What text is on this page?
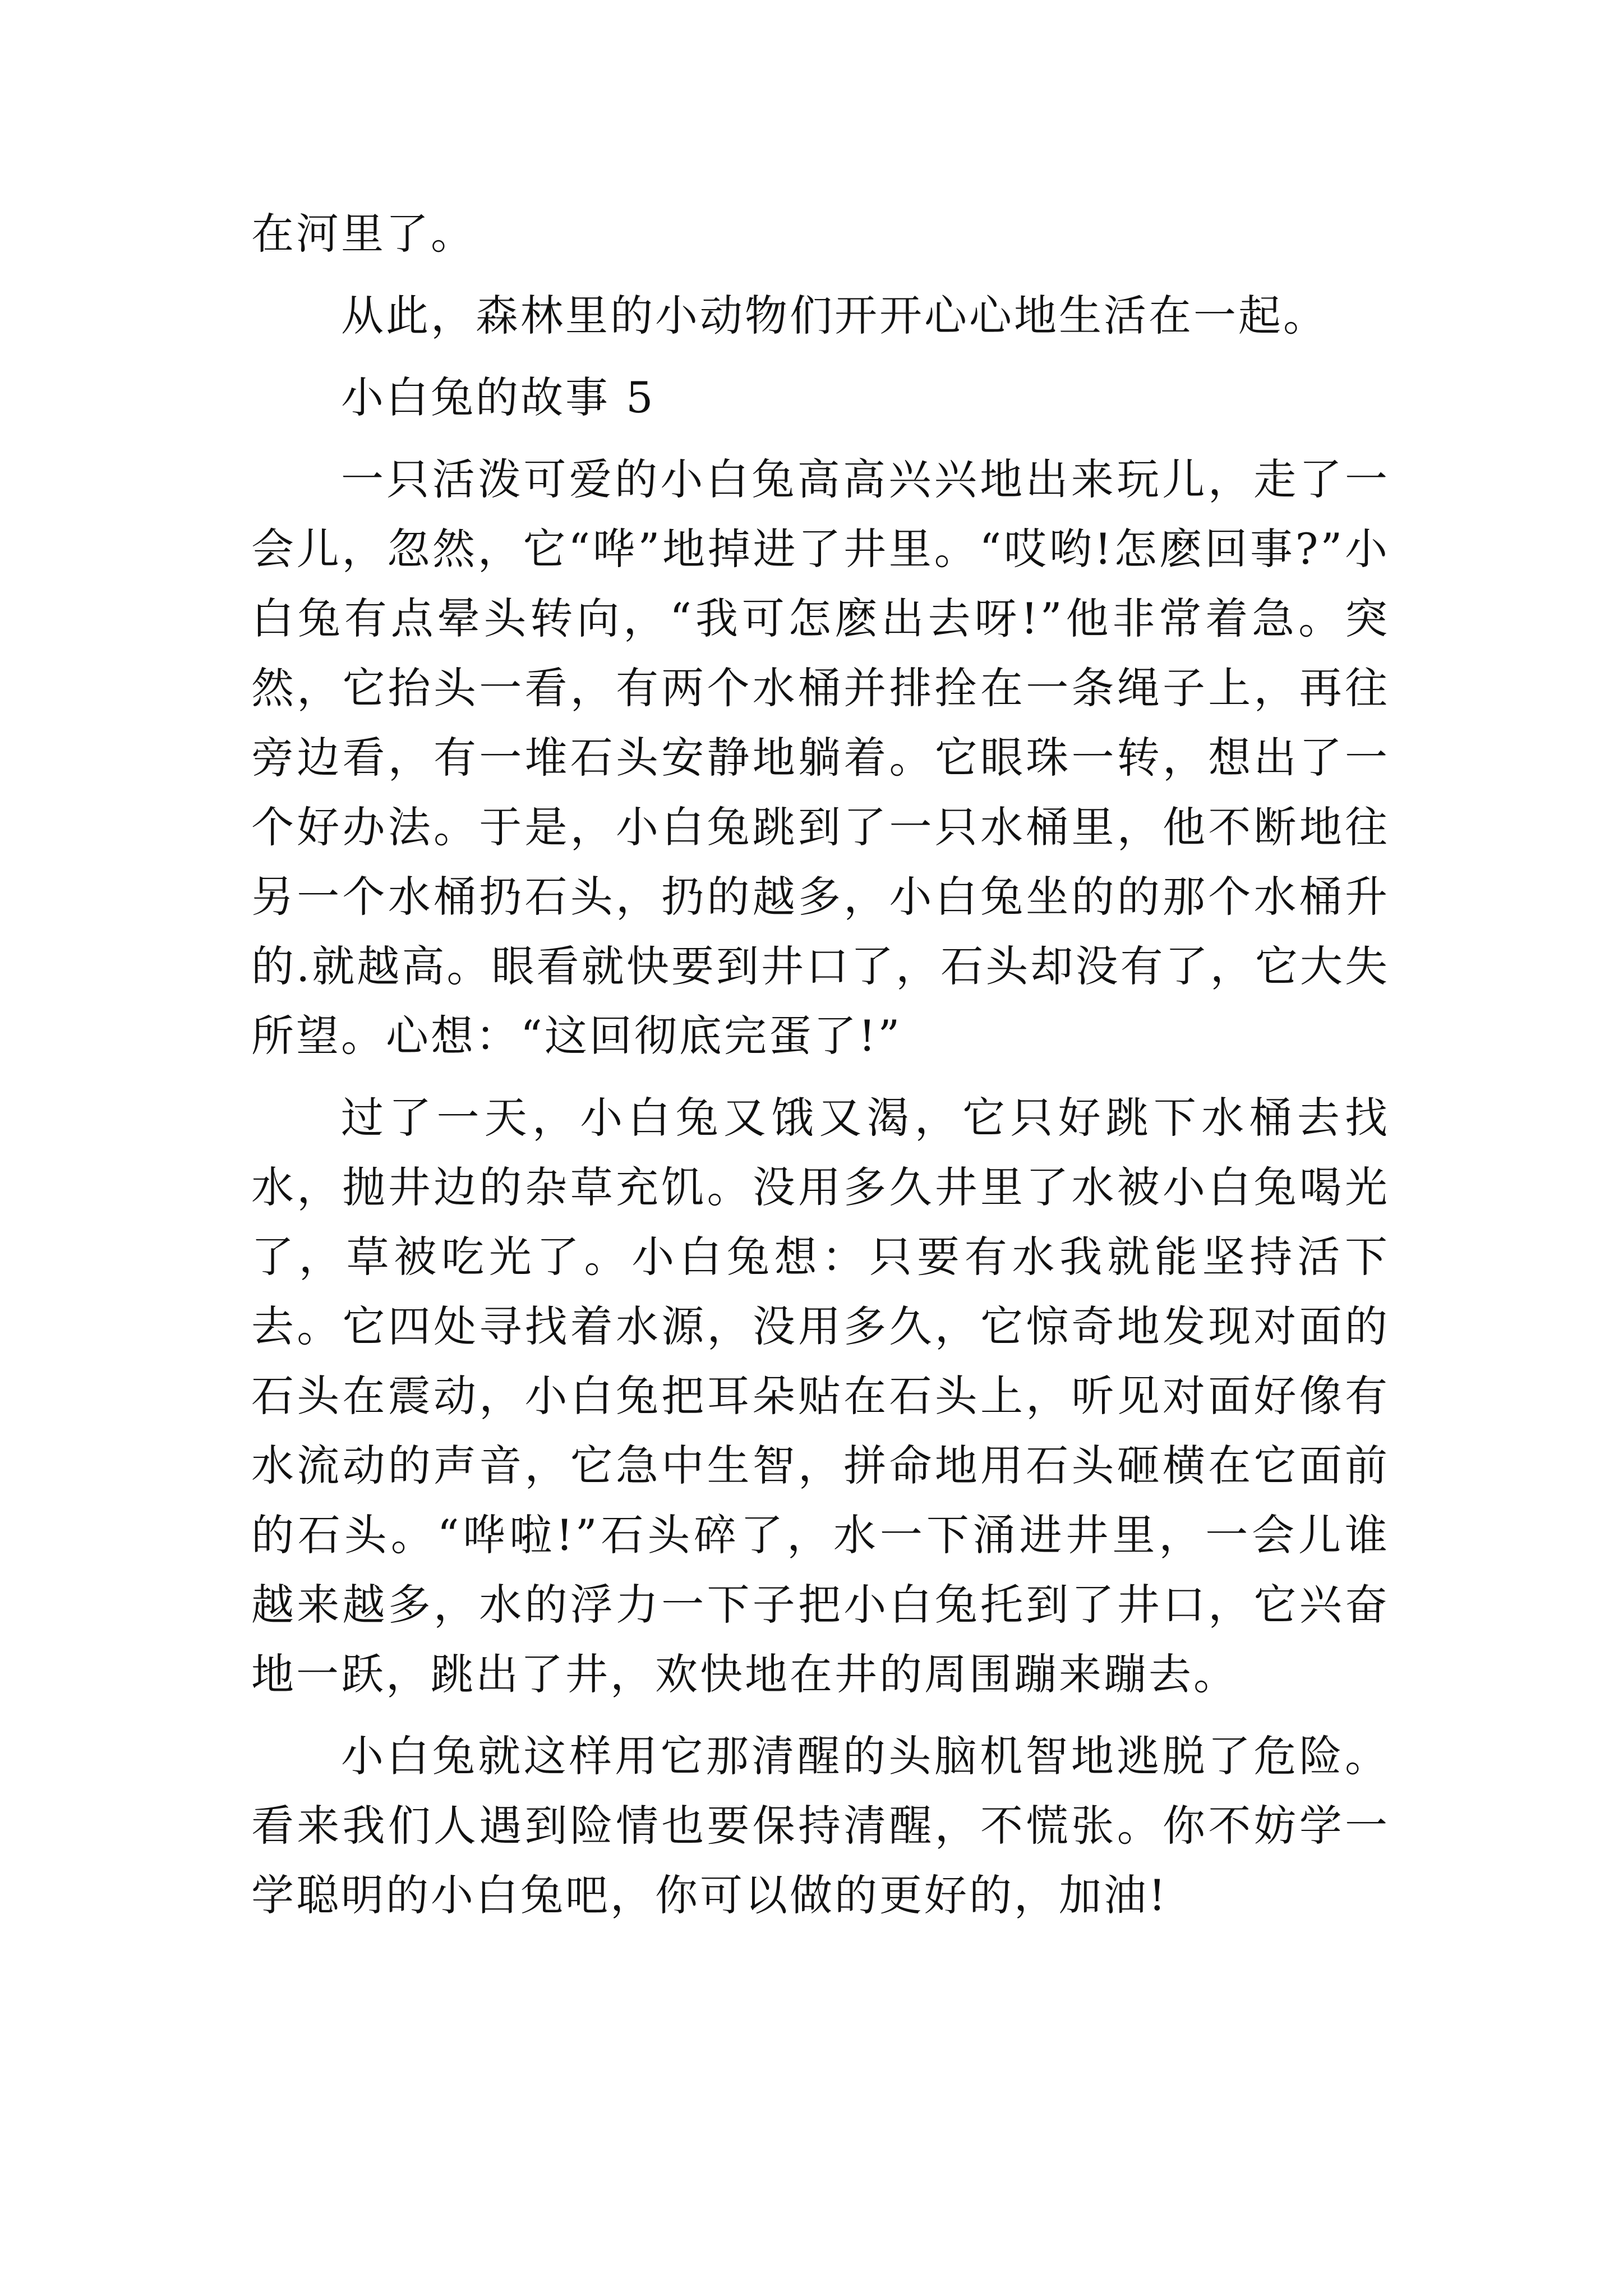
在河里了。

从此，森林里的小动物们开开心心地生活在一起。

小白兔的故事 5

一只活泼可爱的小白兔高高兴兴地出来玩儿，走了一会儿，忽然，它“哗”地掉进了井里。“哎哟!怎麽回事?”小白兔有点晕头转向，“我可怎麽出去呀!”他非常着急。突然，它抬头一看，有两个水桶并排拴在一条绳子上，再往旁边看，有一堆石头安静地躺着。它眼珠一转，想出了一个好办法。于是，小白兔跳到了一只水桶里，他不断地往另一个水桶扔石头，扔的越多，小白兔坐的的那个水桶升的.就越高。眼看就快要到井口了，石头却没有了，它大失所望。心想：“这回彻底完蛋了!”

过了一天，小白兔又饿又渴，它只好跳下水桶去找水，抛井边的杂草充饥。没用多久井里了水被小白兔喝光了，草被吃光了。小白兔想：只要有水我就能坚持活下去。它四处寻找着水源，没用多久，它惊奇地发现对面的石头在震动，小白兔把耳朵贴在石头上，听见对面好像有水流动的声音，它急中生智，拼命地用石头砸横在它面前的石头。“哗啦!”石头碎了，水一下涌进井里，一会儿谁越来越多，水的浮力一下子把小白兔托到了井口，它兴奋地一跃，跳出了井，欢快地在井的周围蹦来蹦去。

小白兔就这样用它那清醒的头脑机智地逃脱了危险。看来我们人遇到险情也要保持清醒，不慌张。你不妨学一学聪明的小白兔吧，你可以做的更好的，加油!
